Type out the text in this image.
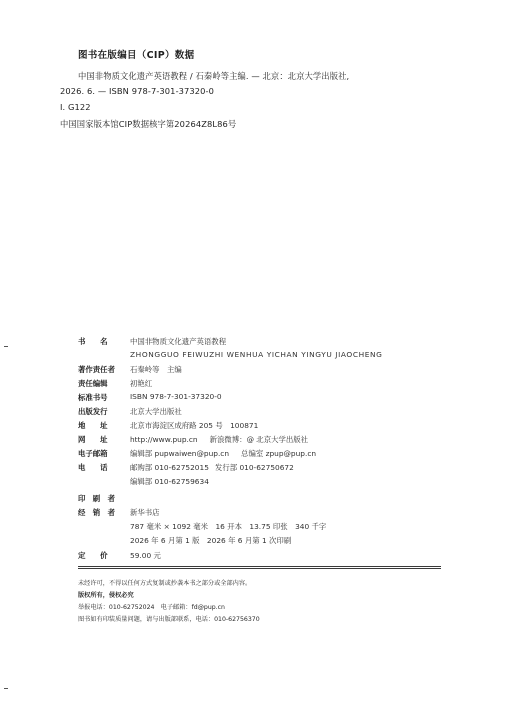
图书在版编目（CIP）数据
中国非物质文化遗产英语教程 / 石秦岭等主编. — 北京：北京大学出版社,
2026. 6. — ISBN 978-7-301-37320-0
Ⅰ. G122
中国国家版本馆CIP数据核字第20264Z8L86号
书　　名	中国非物质文化遗产英语教程
ZHONGGUO FEIWUZHI WENHUA YICHAN YINGYU JIAOCHENG
著作责任者 石秦岭等　主编
责任编辑	初艳红
标准书号	ISBN 978-7-301-37320-0
出版发行	北京大学出版社
地　　址	北京市海淀区成府路 205 号　100871
网　　址	http://www.pup.cn 新浪微博：@ 北京大学出版社
电子邮箱	编辑部 pupwaiwen@pup.cn 总编室 zpup@pup.cn
电　　话	邮购部 010-62752015 发行部 010-62750672
编辑部 010-62759634
印　刷　者
经　销　者 新华书店
787 毫米 × 1092 毫米　16 开本　13.75 印张　340 千字
2026 年 6 月第 1 版　2026 年 6 月第 1 次印刷
定　　价	59.00 元
未经许可，不得以任何方式复制或抄袭本书之部分或全部内容。
版权所有，侵权必究
举报电话：010-62752024　电子邮箱：fd@pup.cn
图书如有印装质量问题，请与出版部联系，电话：010-62756370
